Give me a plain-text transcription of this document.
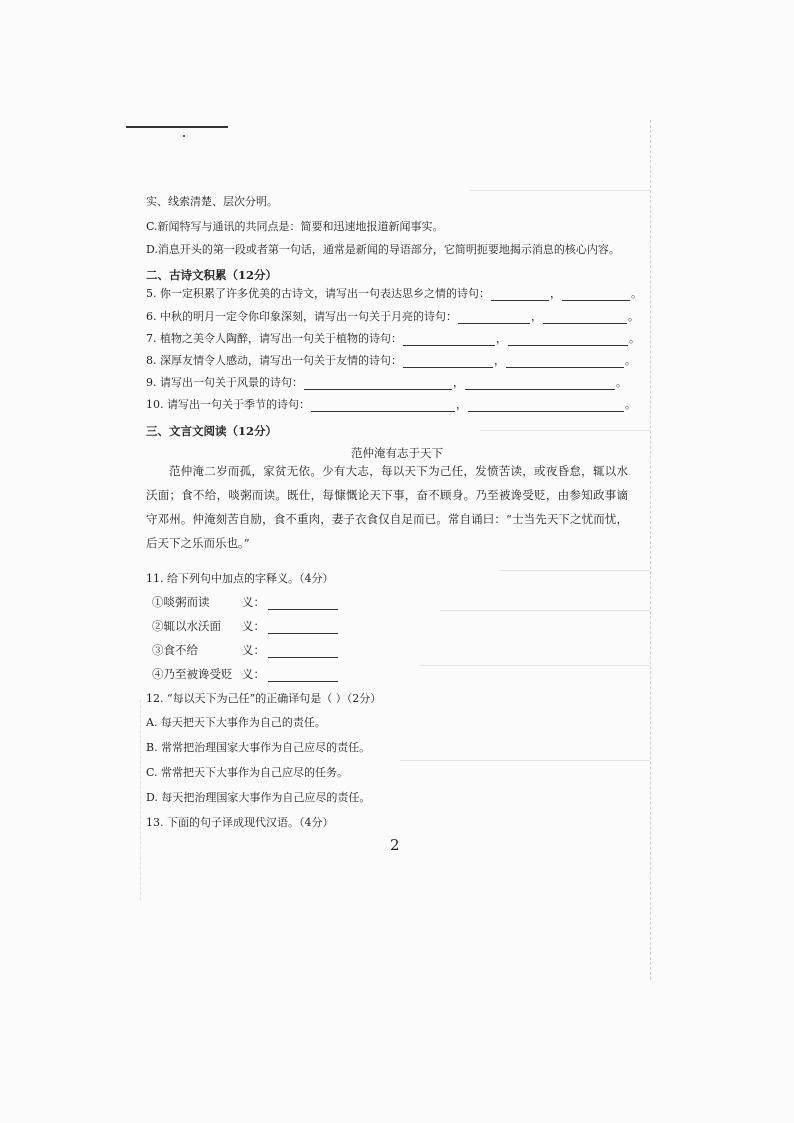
实、线索清楚、层次分明。
C.新闻特写与通讯的共同点是：简要和迅速地报道新闻事实。
D.消息开头的第一段或者第一句话，通常是新闻的导语部分，它简明扼要地揭示消息的核心内容。
二、古诗文积累（12分）
5. 你一定积累了许多优美的古诗文，请写出一句表达思乡之情的诗句：	，	。
6. 中秋的明月一定令你印象深刻，请写出一句关于月亮的诗句：	，	。
7. 植物之美令人陶醉，请写出一句关于植物的诗句：	，	。
8. 深厚友情令人感动，请写出一句关于友情的诗句：	，	。
9. 请写出一句关于风景的诗句：	，	。
10. 请写出一句关于季节的诗句：	，	。
三、文言文阅读（12分）
范仲淹有志于天下
范仲淹二岁而孤，家贫无依。少有大志，每以天下为己任，发愤苦读，或夜昏怠，辄以水沃面；食不给，啖粥而读。既仕，每慷慨论天下事，奋不顾身。乃至被谗受贬，由参知政事谪守邓州。仲淹刻苦自励，食不重肉，妻子衣食仅自足而已。常自诵曰：“士当先天下之忧而忧，后天下之乐而乐也。”
11. 给下列句中加点的字释义。（4分）
①啖粥而读	义：
②辄以水沃面	义：
③食不给	义：
④乃至被谗受贬 义：
12. “每以天下为己任”的正确译句是（ ）（2分）
A. 每天把天下大事作为自己的责任。
B. 常常把治理国家大事作为自己应尽的责任。
C. 常常把天下大事作为自己应尽的任务。
D. 每天把治理国家大事作为自己应尽的责任。
13. 下面的句子译成现代汉语。（4分）
2
